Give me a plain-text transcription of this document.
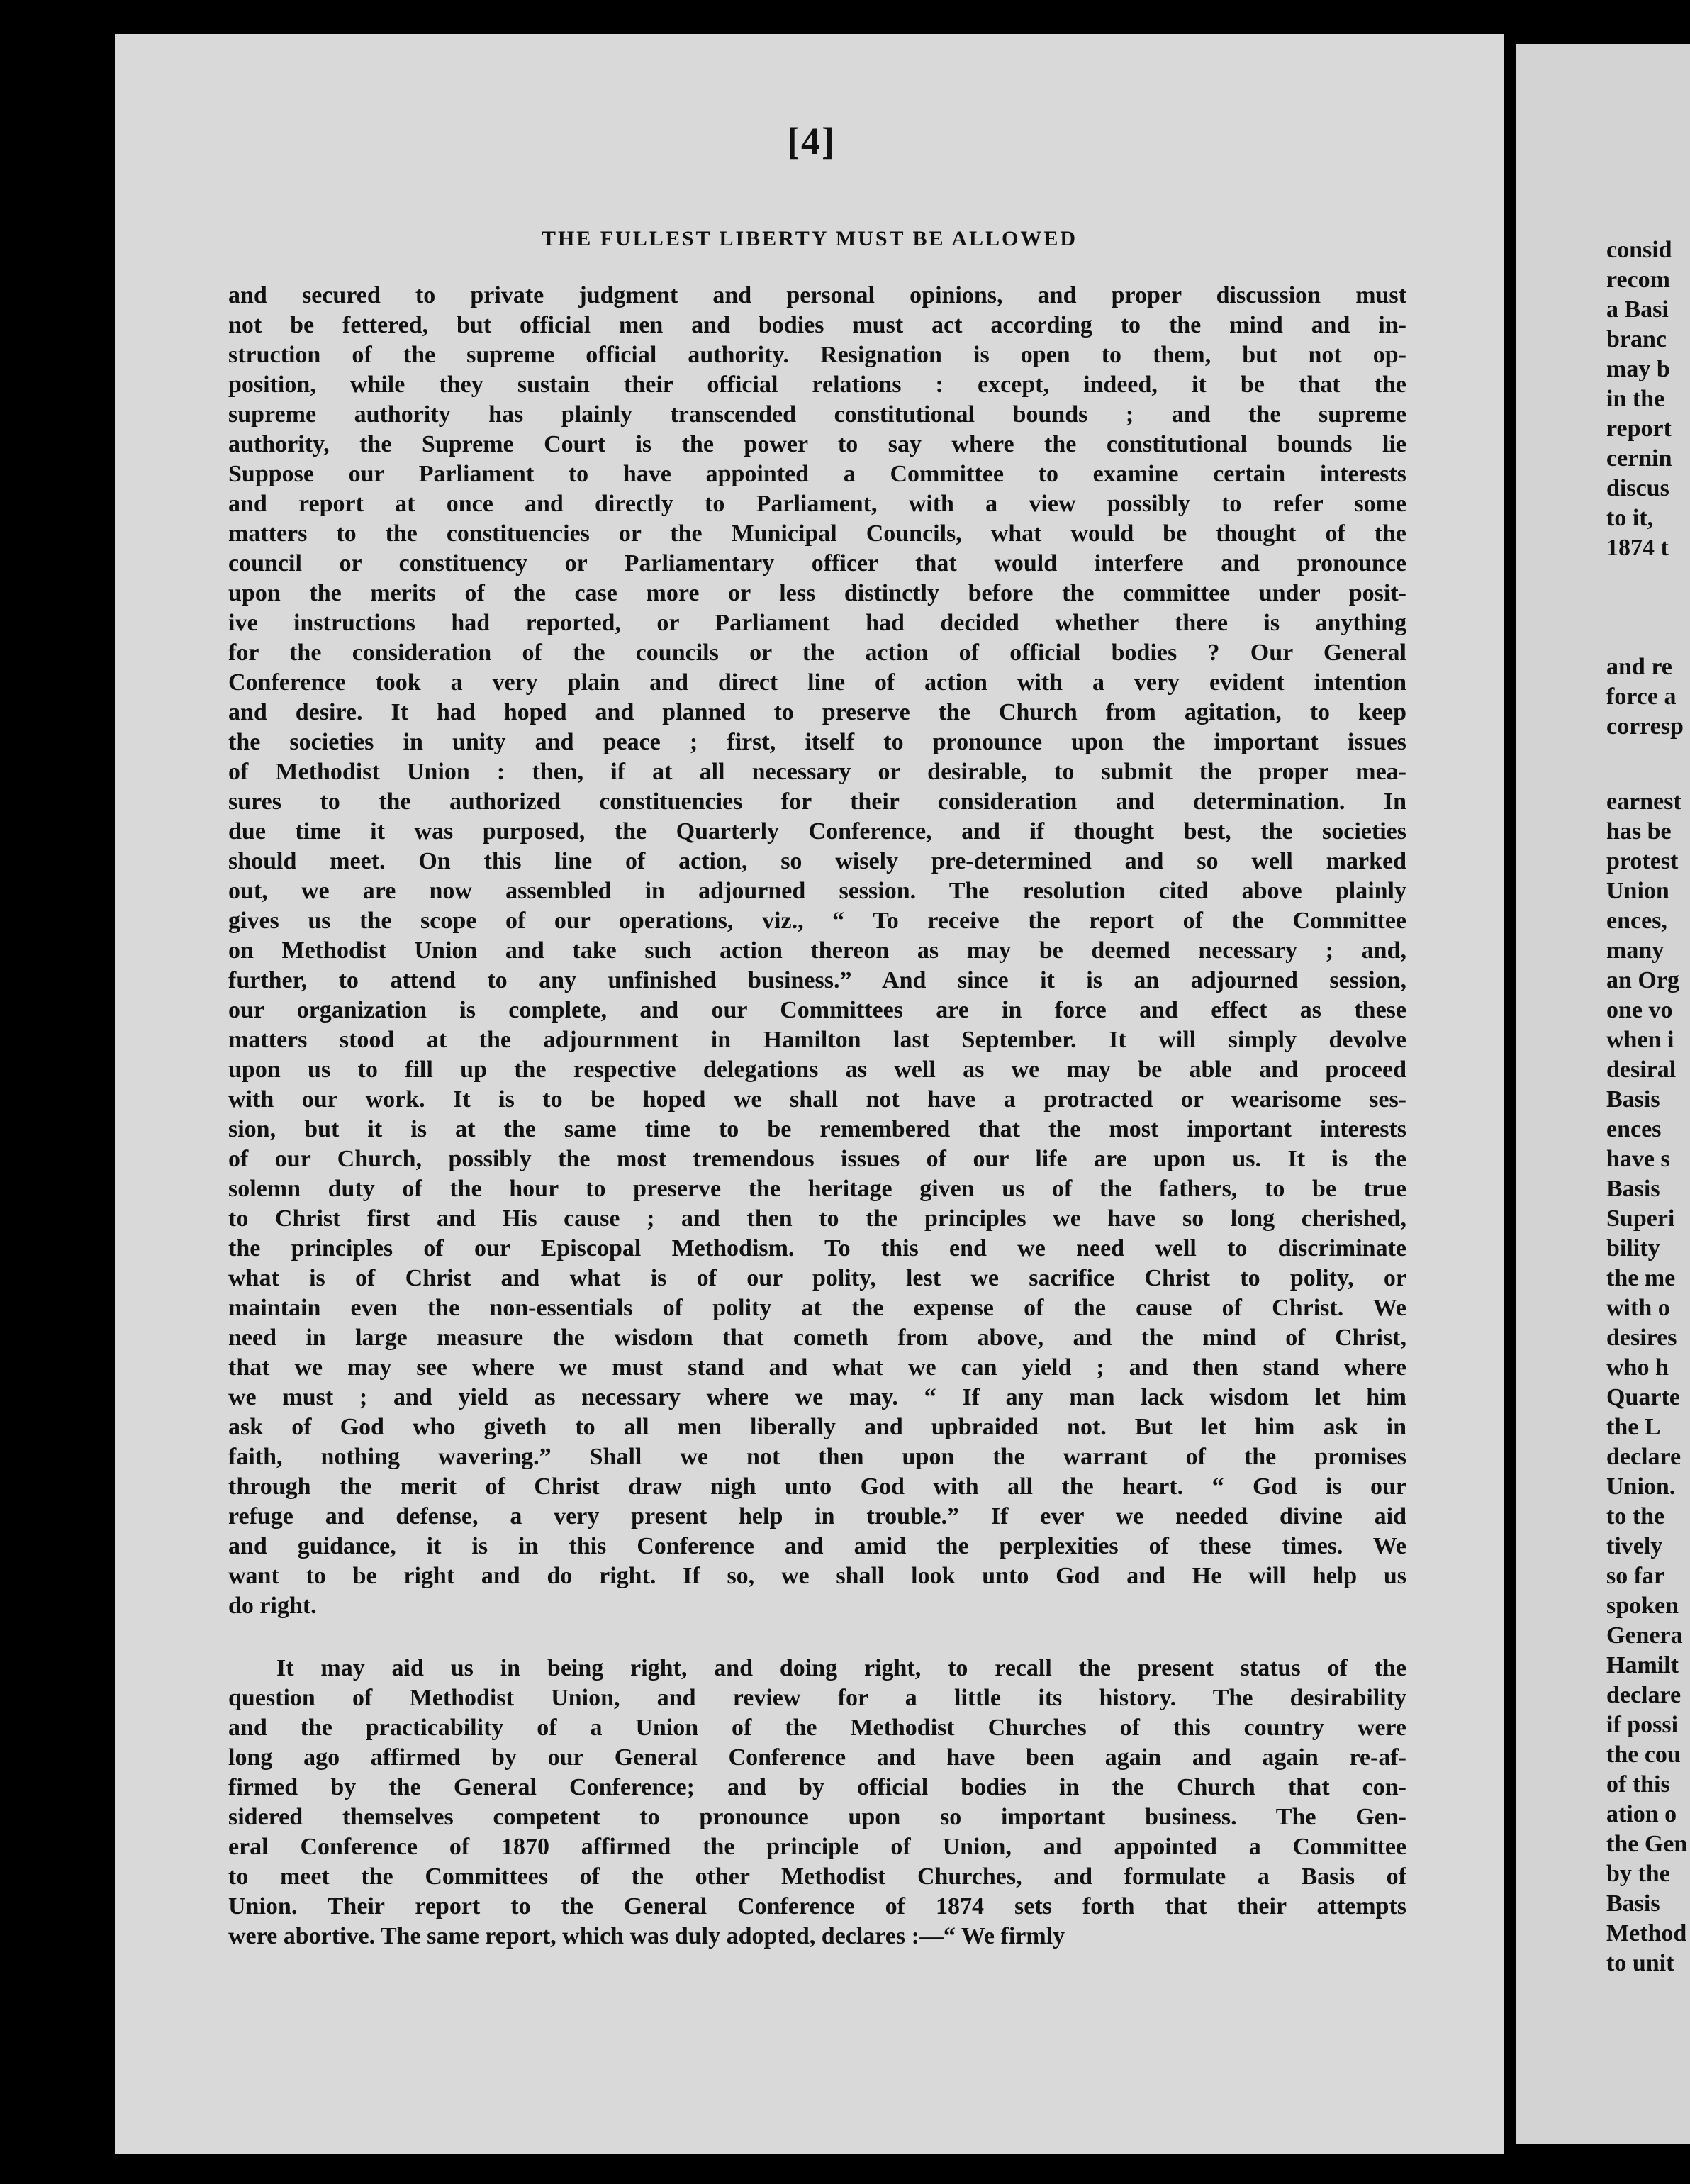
[4]
THE FULLEST LIBERTY MUST BE ALLOWED
and secured to private judgment and personal opinions, and proper discussion must
not be fettered, but official men and bodies must act according to the mind and in-
struction of the supreme official authority. Resignation is open to them, but not op-
position, while they sustain their official relations : except, indeed, it be that the
supreme authority has plainly transcended constitutional bounds ; and the supreme
authority, the Supreme Court is the power to say where the constitutional bounds lie
Suppose our Parliament to have appointed a Committee to examine certain interests
and report at once and directly to Parliament, with a view possibly to refer some
matters to the constituencies or the Municipal Councils, what would be thought of the
council or constituency or Parliamentary officer that would interfere and pronounce
upon the merits of the case more or less distinctly before the committee under posit-
ive instructions had reported, or Parliament had decided whether there is anything
for the consideration of the councils or the action of official bodies ? Our General
Conference took a very plain and direct line of action with a very evident intention
and desire. It had hoped and planned to preserve the Church from agitation, to keep
the societies in unity and peace ; first, itself to pronounce upon the important issues
of Methodist Union : then, if at all necessary or desirable, to submit the proper mea-
sures to the authorized constituencies for their consideration and determination. In
due time it was purposed, the Quarterly Conference, and if thought best, the societies
should meet. On this line of action, so wisely pre-determined and so well marked
out, we are now assembled in adjourned session. The resolution cited above plainly
gives us the scope of our operations, viz., “ To receive the report of the Committee
on Methodist Union and take such action thereon as may be deemed necessary ; and,
further, to attend to any unfinished business.” And since it is an adjourned session,
our organization is complete, and our Committees are in force and effect as these
matters stood at the adjournment in Hamilton last September. It will simply devolve
upon us to fill up the respective delegations as well as we may be able and proceed
with our work. It is to be hoped we shall not have a protracted or wearisome ses-
sion, but it is at the same time to be remembered that the most important interests
of our Church, possibly the most tremendous issues of our life are upon us. It is the
solemn duty of the hour to preserve the heritage given us of the fathers, to be true
to Christ first and His cause ; and then to the principles we have so long cherished,
the principles of our Episcopal Methodism. To this end we need well to discriminate
what is of Christ and what is of our polity, lest we sacrifice Christ to polity, or
maintain even the non-essentials of polity at the expense of the cause of Christ. We
need in large measure the wisdom that cometh from above, and the mind of Christ,
that we may see where we must stand and what we can yield ; and then stand where
we must ; and yield as necessary where we may. “ If any man lack wisdom let him
ask of God who giveth to all men liberally and upbraided not. But let him ask in
faith, nothing wavering.” Shall we not then upon the warrant of the promises
through the merit of Christ draw nigh unto God with all the heart. “ God is our
refuge and defense, a very present help in trouble.” If ever we needed divine aid
and guidance, it is in this Conference and amid the perplexities of these times. We
want to be right and do right. If so, we shall look unto God and He will help us
do right.
It may aid us in being right, and doing right, to recall the present status of the
question of Methodist Union, and review for a little its history. The desirability
and the practicability of a Union of the Methodist Churches of this country were
long ago affirmed by our General Conference and have been again and again re-af-
firmed by the General Conference; and by official bodies in the Church that con-
sidered themselves competent to pronounce upon so important business. The Gen-
eral Conference of 1870 affirmed the principle of Union, and appointed a Committee
to meet the Committees of the other Methodist Churches, and formulate a Basis of
Union. Their report to the General Conference of 1874 sets forth that their attempts
were abortive. The same report, which was duly adopted, declares :—“ We firmly
consid
recom
a Basi
branc
may b
in the
report
cernin
discus
to it,
1874 t
and re
force a
corresp
earnest
has be
protest
Union
ences,
many
an Org
one vo
when i
desiral
Basis
ences
have s
Basis
Superi
bility
the me
with o
desires
who h
Quarte
the L
declare
Union.
to the
tively
so far
spoken
Genera
Hamilt
declare
if possi
the cou
of this
ation o
the Gen
by the
Basis
Method
to unit
